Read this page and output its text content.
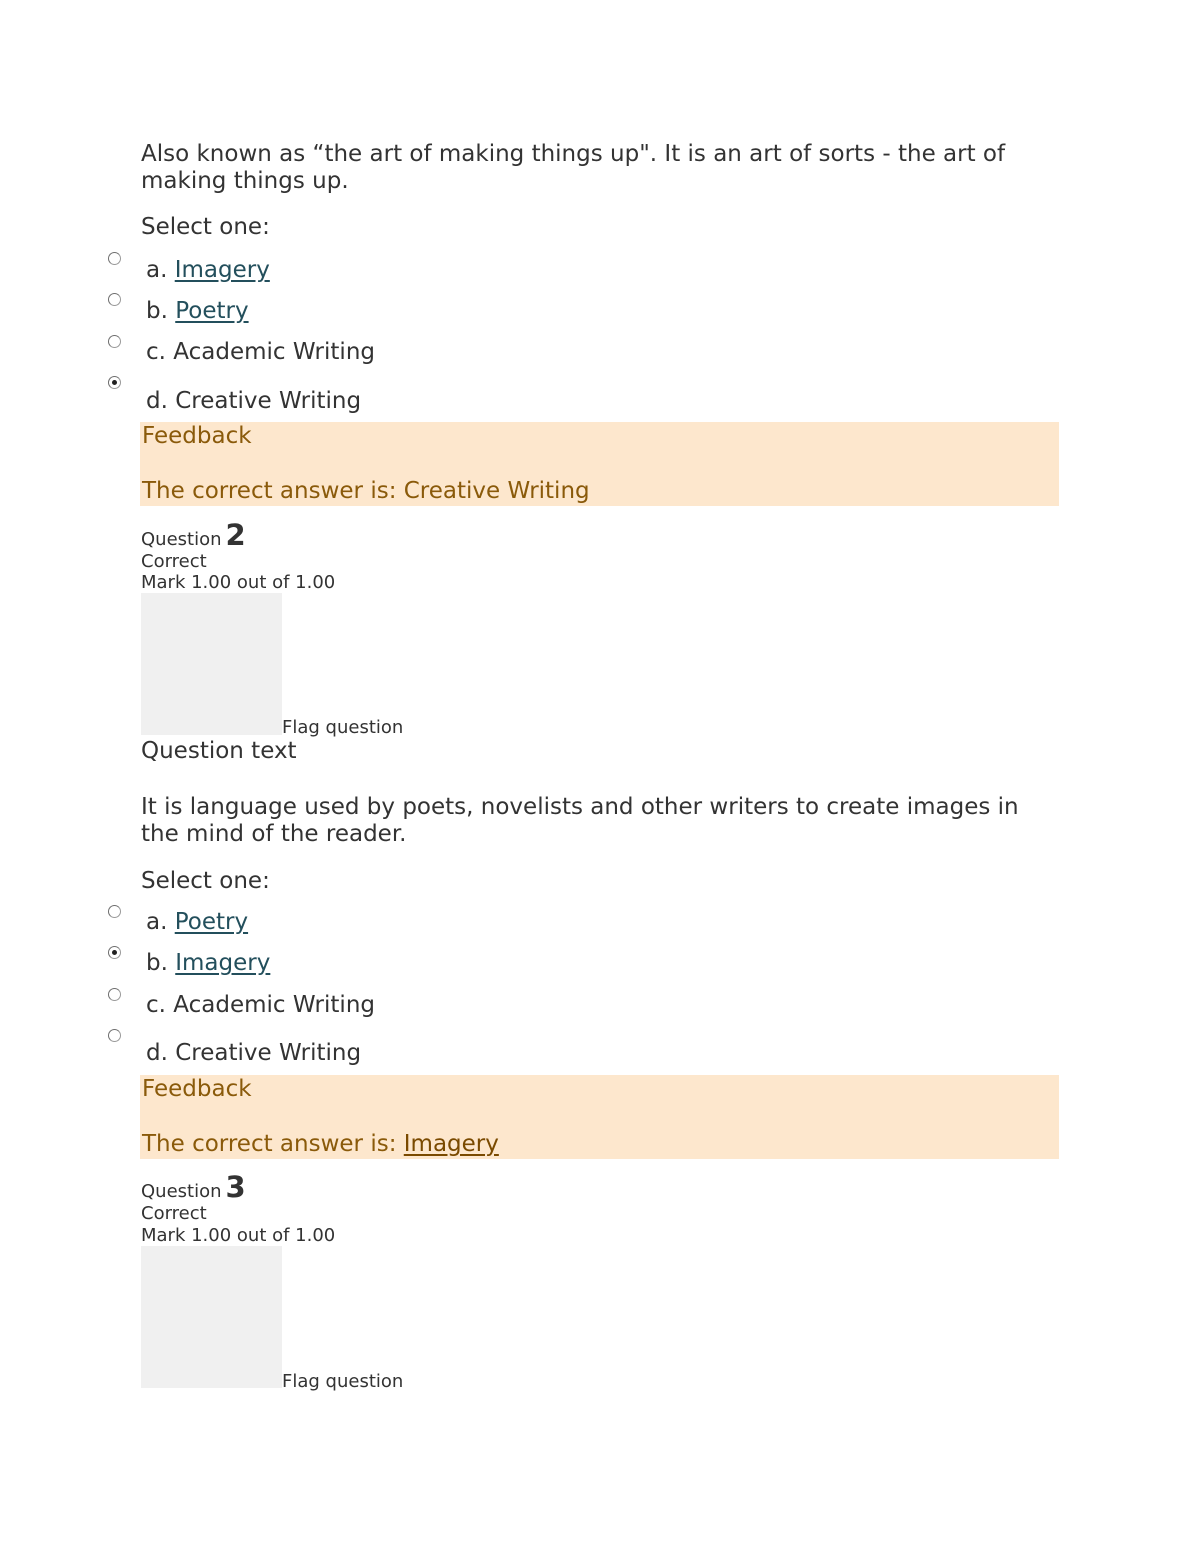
Also known as “the art of making things up". It is an art of sorts - the art of making things up.
Select one:
a. Imagery
b. Poetry
c. Academic Writing
d. Creative Writing
Feedback
The correct answer is: Creative Writing
Question 2
Correct
Mark 1.00 out of 1.00
Flag question
Question text
It is language used by poets, novelists and other writers to create images in the mind of the reader.
Select one:
a. Poetry
b. Imagery
c. Academic Writing
d. Creative Writing
Feedback
The correct answer is: Imagery
Question 3
Correct
Mark 1.00 out of 1.00
Flag question
